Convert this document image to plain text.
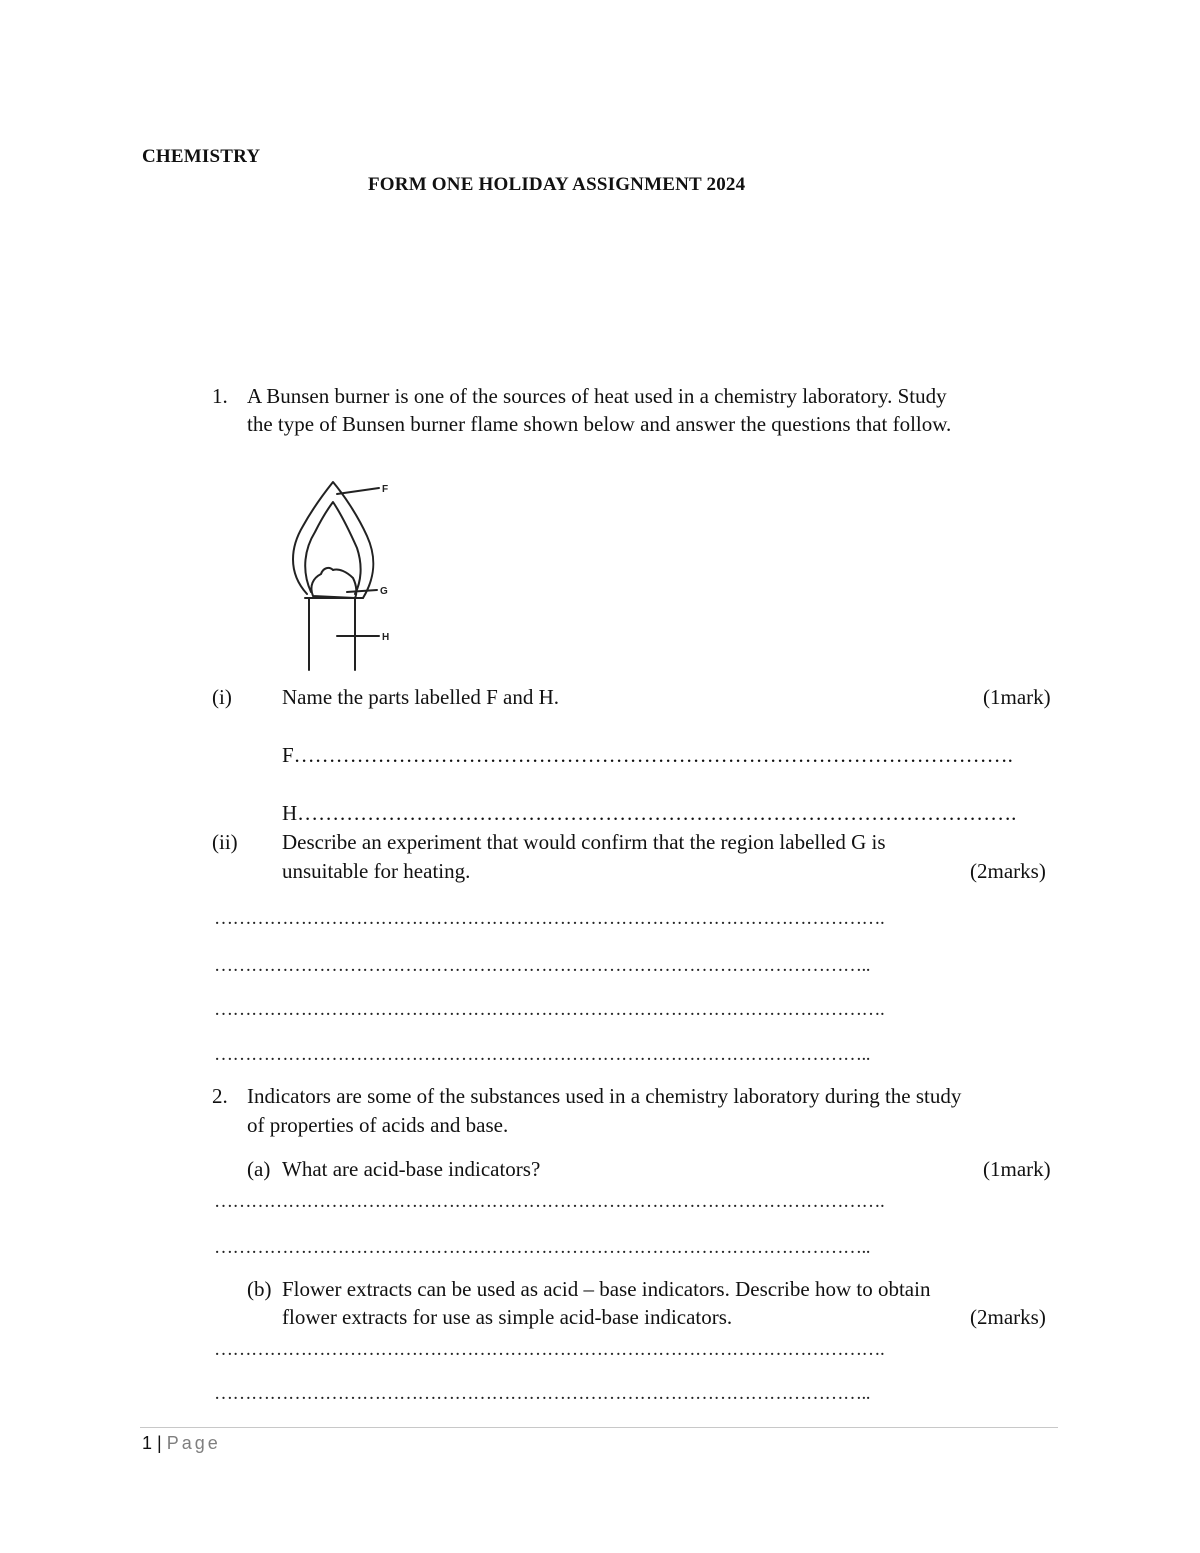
CHEMISTRY
FORM ONE HOLIDAY ASSIGNMENT 2024
1. A Bunsen burner is one of the sources of heat used in a chemistry laboratory. Study
the type of Bunsen burner flame shown below and answer the questions that follow.
F
G
H
(i) Name the parts labelled F and H.	(1mark)
F………………………………………………………………………………………….
H………………………………………………………………………………………….
(ii) Describe an experiment that would confirm that the region labelled G is
unsuitable for heating.	(2marks)
……………………………………………………………………………………………….
……………………………………………………………………………………………..
……………………………………………………………………………………………….
……………………………………………………………………………………………..
2. Indicators are some of the substances used in a chemistry laboratory during the study
of properties of acids and base.
(a) What are acid-base indicators?	(1mark)
……………………………………………………………………………………………….
……………………………………………………………………………………………..
(b) Flower extracts can be used as acid – base indicators. Describe how to obtain
flower extracts for use as simple acid-base indicators.	(2marks)
……………………………………………………………………………………………….
……………………………………………………………………………………………..
1 | Page
